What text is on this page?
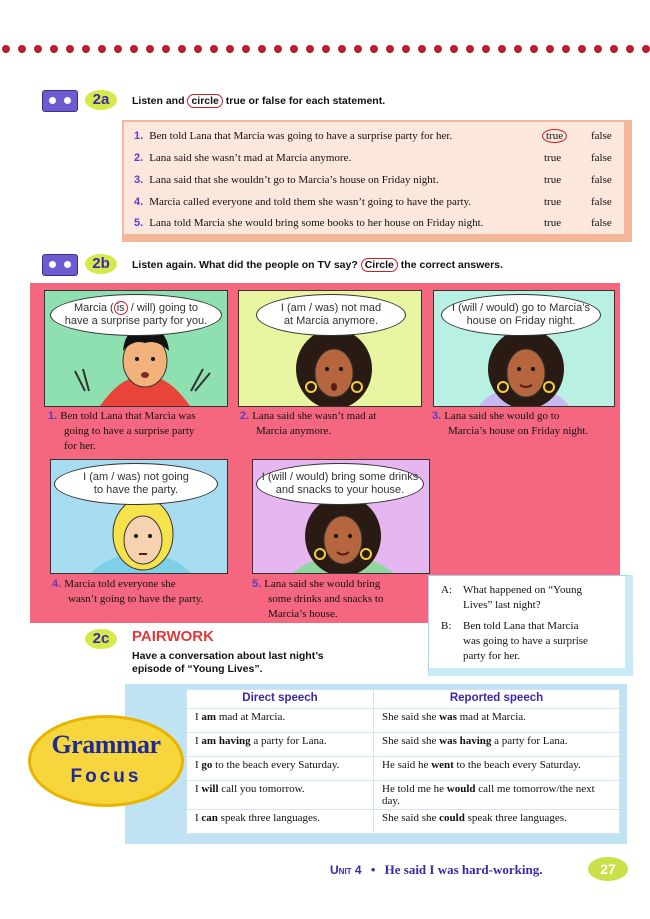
2a	Listen and circle true or false for each statement.
1. Ben told Lana that Marcia was going to have a surprise party for her.	true	false
2. Lana said she wasn’t mad at Marcia anymore.	true	false
3. Lana said that she wouldn’t go to Marcia’s house on Friday night.	true	false
4. Marcia called everyone and told them she wasn’t going to have the party.	true	false
5. Lana told Marcia she would bring some books to her house on Friday night.	true	false
2b	Listen again. What did the people on TV say? Circle the correct answers.
Marcia ( is / will) going to
have a surprise party for you.
I (am / was) not mad
at Marcia anymore.
I (will / would) go to Marcia’s
house on Friday night.
1. Ben told Lana that Marcia was
going to have a surprise party
for her.
2. Lana said she wasn’t mad at
Marcia anymore.
3. Lana said she would go to
Marcia’s house on Friday night.
I (am / was) not going
to have the party.
I (will / would) bring some drinks
and snacks to your house.
4. Marcia told everyone she
wasn’t going to have the party.
5. Lana said she would bring
some drinks and snacks to
Marcia’s house.
A: What happened on “Young
Lives” last night?
B: Ben told Lana that Marcia
was going to have a surprise
party for her.
2c	PAIRWORK
Have a conversation about last night’s
episode of “Young Lives”.
Direct speech	Reported speech
I am mad at Marcia.	She said she was mad at Marcia.
I am having a party for Lana.	She said she was having a party for Lana.
I go to the beach every Saturday.	He said he went to the beach every Saturday.
I will call you tomorrow.	He told me he would call me tomorrow/the next day.
I can speak three languages.	She said she could speak three languages.
Grammar
Focus
Unit 4 • He said I was hard-working.	27
